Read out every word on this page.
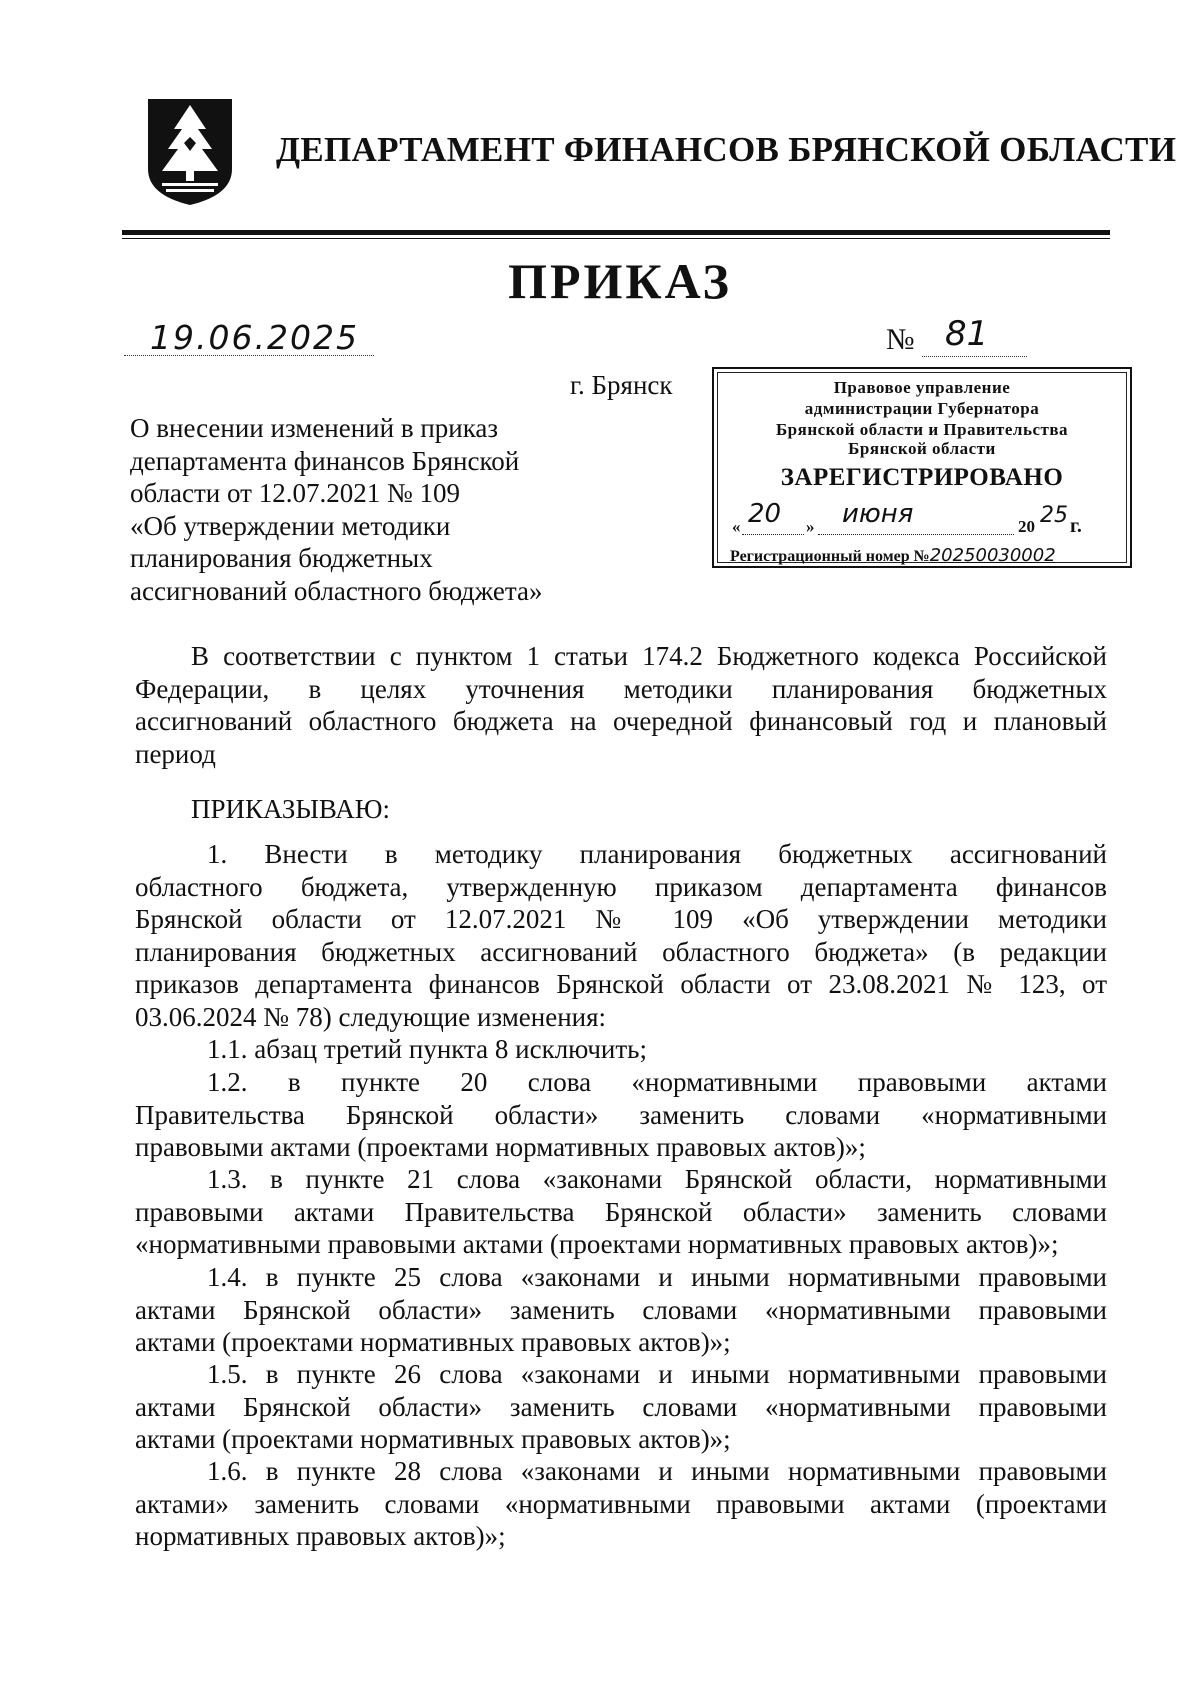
ДЕПАРТАМЕНТ ФИНАНСОВ БРЯНСКОЙ ОБЛАСТИ
ПРИКАЗ
19.06.2025	№ 81
г. Брянск
О внесении изменений в приказ
департамента финансов Брянской
области от 12.07.2021 № 109
«Об утверждении методики
планирования бюджетных
ассигнований областного бюджета»
Правовое управление
администрации Губернатора
Брянской области и Правительства
Брянской области
ЗАРЕГИСТРИРОВАНО
« 20 » июня	20 25 г.
Регистрационный номер №20250030002
В соответствии с пунктом 1 статьи 174.2 Бюджетного кодекса Российской
Федерации, в целях уточнения методики планирования бюджетных
ассигнований областного бюджета на очередной финансовый год и плановый
период
ПРИКАЗЫВАЮ:
1. Внести в методику планирования бюджетных ассигнований
областного бюджета, утвержденную приказом департамента финансов
Брянской области от 12.07.2021 № 109 «Об утверждении методики
планирования бюджетных ассигнований областного бюджета» (в редакции
приказов департамента финансов Брянской области от 23.08.2021 № 123, от
03.06.2024 № 78) следующие изменения:
1.1. абзац третий пункта 8 исключить;
1.2. в пункте 20 слова «нормативными правовыми актами
Правительства Брянской области» заменить словами «нормативными
правовыми актами (проектами нормативных правовых актов)»;
1.3. в пункте 21 слова «законами Брянской области, нормативными
правовыми актами Правительства Брянской области» заменить словами
«нормативными правовыми актами (проектами нормативных правовых актов)»;
1.4. в пункте 25 слова «законами и иными нормативными правовыми
актами Брянской области» заменить словами «нормативными правовыми
актами (проектами нормативных правовых актов)»;
1.5. в пункте 26 слова «законами и иными нормативными правовыми
актами Брянской области» заменить словами «нормативными правовыми
актами (проектами нормативных правовых актов)»;
1.6. в пункте 28 слова «законами и иными нормативными правовыми
актами» заменить словами «нормативными правовыми актами (проектами
нормативных правовых актов)»;
